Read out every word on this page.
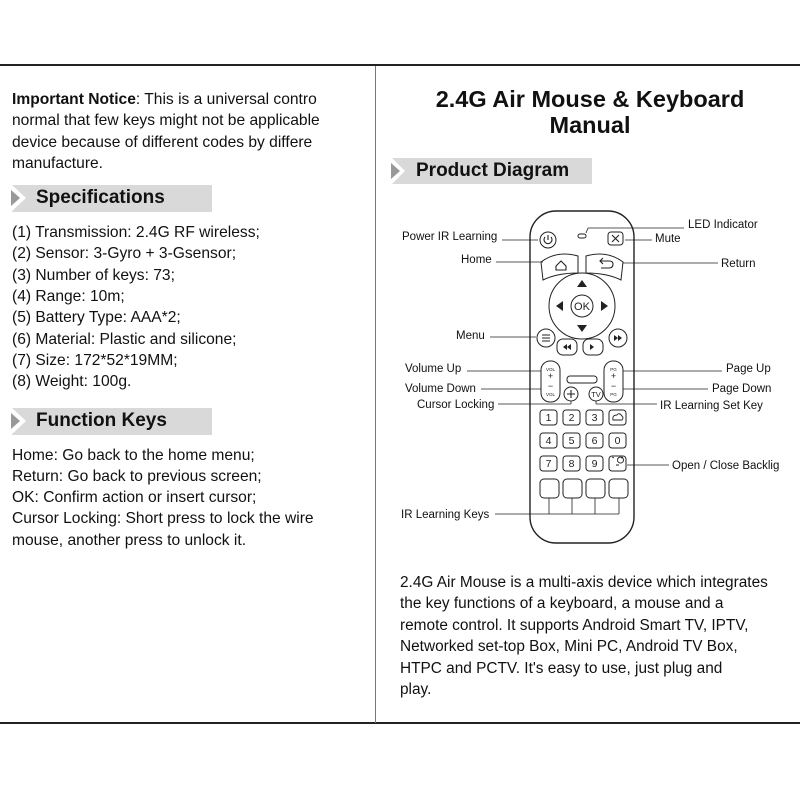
Important Notice: This is a universal contro

normal that few keys might not be applicable

device because of different codes by differe

manufacture.

Specifications

(1) Transmission: 2.4G RF wireless;

(2) Sensor: 3-Gyro + 3-Gsensor;

(3) Number of keys: 73;

(4) Range: 10m;

(5) Battery Type: AAA*2;

(6) Material: Plastic and silicone;

(7) Size: 172*52*19MM;

(8) Weight: 100g.

Function Keys

Home: Go back to the home menu;

Return: Go back to previous screen;

OK: Confirm action or insert cursor;

Cursor Locking: Short press to lock the wire

mouse, another press to unlock it.

2.4G Air Mouse & Keyboard
Manual
Product Diagram
OK
TV
1 2 3
4 5 6 0
7 8 9
VOL
VOL
PG
PG
+	+
−	−
LED Indicator
Power IR Learning	Mute
Home	Return
Menu
Volume Up	Page Up
Volume Down	Page Down
Cursor Locking	IR Learning Set Key
Open / Close Backlig
IR Learning Keys

2.4G Air Mouse is a multi-axis device which integrates

the key functions of a keyboard, a mouse and a

remote control. It supports Android Smart TV, IPTV,

Networked set-top Box, Mini PC, Android TV Box,

HTPC and PCTV. It's easy to use, just plug and

play.
